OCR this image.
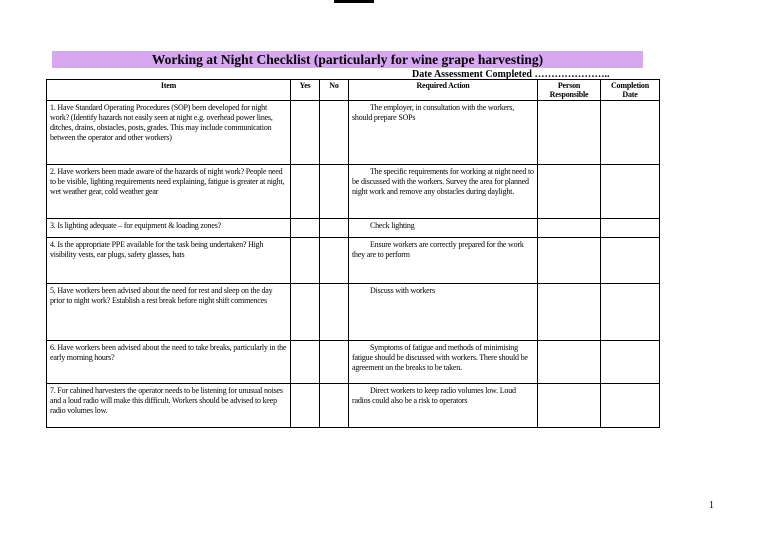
Working at Night Checklist (particularly for wine grape harvesting)
Date Assessment Completed …………………..
Item	Yes	No	Required Action	Person Responsible	Completion Date
1. Have Standard Operating Procedures (SOP) been developed for night work? (Identify hazards not easily seen at night e.g. overhead power lines, ditches, drains, obstacles, posts, grades. This may include communication between the operator and other workers)			The employer, in consultation with the workers, should prepare SOPs		
2. Have workers been made aware of the hazards of night work? People need to be visible, lighting requirements need explaining, fatigue is greater at night, wet weather gear, cold weather gear			The specific requirements for working at night need to be discussed with the workers. Survey the area for planned night work and remove any obstacles during daylight.		
3. Is lighting adequate – for equipment & loading zones?			Check lighting		
4. Is the appropriate PPE available for the task being undertaken? High visibility vests, ear plugs, safety glasses, hats			Ensure workers are correctly prepared for the work they are to perform		
5. Have workers been advised about the need for rest and sleep on the day prior to night work? Establish a rest break before night shift commences			Discuss with workers		
6. Have workers been advised about the need to take breaks, particularly in the early morning hours?			Symptoms of fatigue and methods of minimising fatigue should be discussed with workers. There should be agreement on the breaks to be taken.		
7. For cabined harvesters the operator needs to be listening for unusual noises and a loud radio will make this difficult. Workers should be advised to keep radio volumes low.			Direct workers to keep radio volumes low. Loud radios could also be a risk to operators		
1
